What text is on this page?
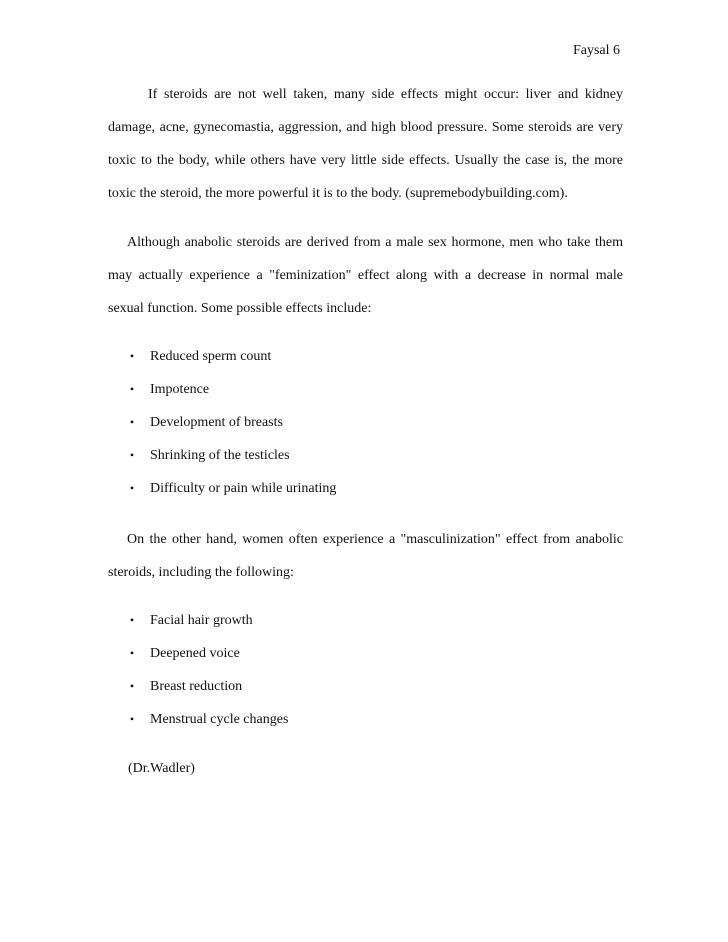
Faysal 6

If steroids are not well taken, many side effects might occur: liver and kidney damage, acne, gynecomastia, aggression, and high blood pressure. Some steroids are very toxic to the body, while others have very little side effects. Usually the case is, the more toxic the steroid, the more powerful it is to the body. (supremebodybuilding.com).

Although anabolic steroids are derived from a male sex hormone, men who take them may actually experience a "feminization" effect along with a decrease in normal male sexual function. Some possible effects include:

• Reduced sperm count
• Impotence
• Development of breasts
• Shrinking of the testicles
• Difficulty or pain while urinating

On the other hand, women often experience a "masculinization" effect from anabolic steroids, including the following:

• Facial hair growth
• Deepened voice
• Breast reduction
• Menstrual cycle changes
(Dr.Wadler)
